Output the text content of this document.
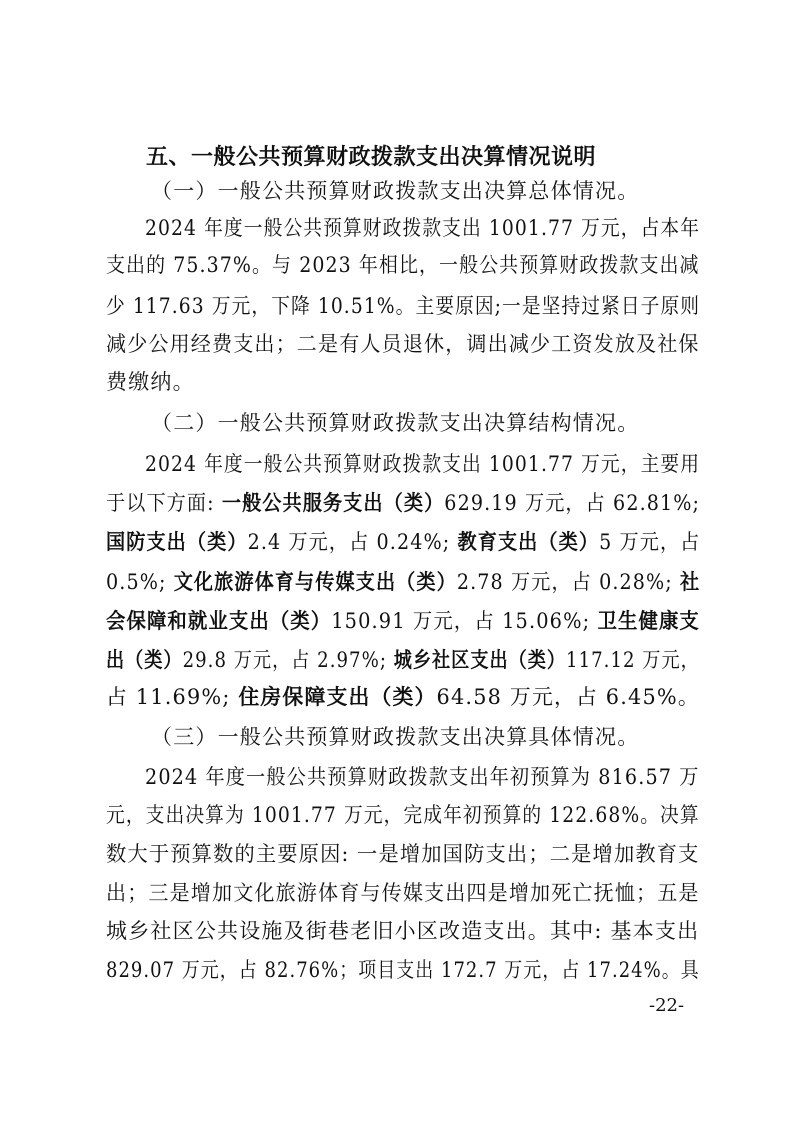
五、一般公共预算财政拨款支出决算情况说明
（一）一般公共预算财政拨款支出决算总体情况。
2024 年度一般公共预算财政拨款支出 1001.77 万元，占本年
支出的 75.37%。与 2023 年相比，一般公共预算财政拨款支出减
少 117.63 万元，下降 10.51%。主要原因;一是坚持过紧日子原则
减少公用经费支出；二是有人员退休，调出减少工资发放及社保
费缴纳。
（二）一般公共预算财政拨款支出决算结构情况。
2024 年度一般公共预算财政拨款支出 1001.77 万元，主要用
于以下方面: 一般公共服务支出（类）629.19 万元，占 62.81%;
国防支出（类）2.4 万元，占 0.24%; 教育支出（类）5 万元，占
0.5%; 文化旅游体育与传媒支出（类）2.78 万元，占 0.28%; 社
会保障和就业支出（类）150.91 万元，占 15.06%; 卫生健康支
出（类）29.8 万元，占 2.97%; 城乡社区支出（类）117.12 万元，
占 11.69%; 住房保障支出（类）64.58 万元，占 6.45%。
（三）一般公共预算财政拨款支出决算具体情况。
2024 年度一般公共预算财政拨款支出年初预算为 816.57 万
元，支出决算为 1001.77 万元，完成年初预算的 122.68%。决算
数大于预算数的主要原因: 一是增加国防支出；二是增加教育支
出；三是增加文化旅游体育与传媒支出四是增加死亡抚恤；五是
城乡社区公共设施及街巷老旧小区改造支出。其中: 基本支出
829.07 万元，占 82.76%；项目支出 172.7 万元，占 17.24%。具
-22-
